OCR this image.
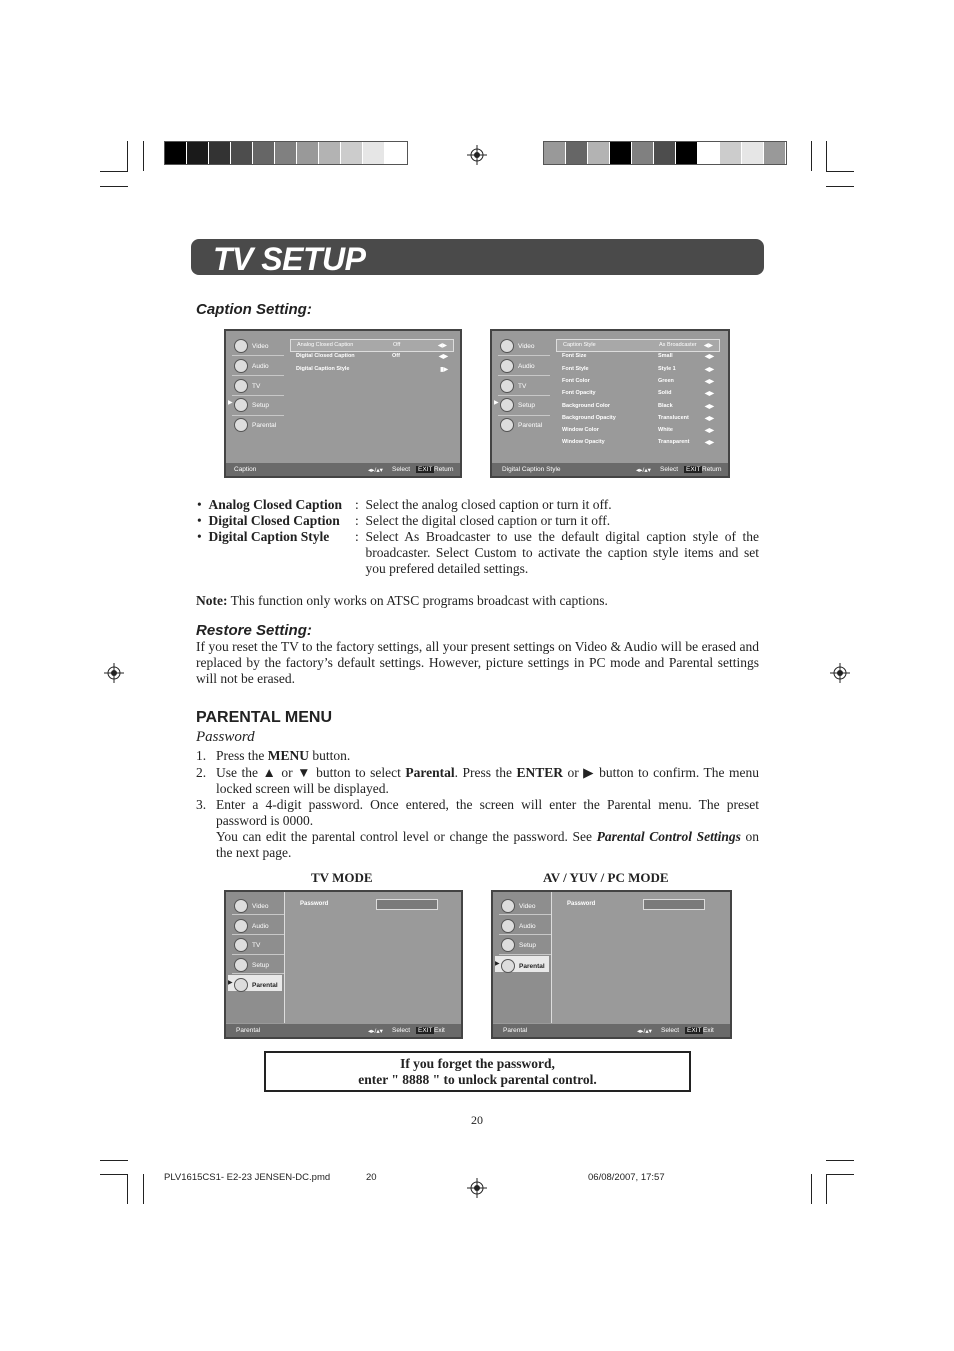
TV SETUP
Caption Setting:
Video
Audio
TV
▶	Setup
Parental
Analog Closed Caption	Off	◀▶
Digital Closed Caption	Off	◀▶
Digital Caption Style	▮▶
Caption	◂▸/▴▾ Select	EXIT Return
Video
Audio
TV
▶	Setup
Parental
Caption Style	As Broadcaster ◀▶
Font Size	Small	◀▶
Font Style	Style 1	◀▶
Font Color	Green	◀▶
Font Opacity	Solid	◀▶
Background Color	Black	◀▶
Background Opacity	Translucent	◀▶
Window Color	White	◀▶
Window Opacity	Transparent	◀▶
Digital Caption Style	◂▸/▴▾ Select	EXIT Return
•  Analog Closed Caption :  Select the analog closed caption or turn it off.
•  Digital Closed Caption :  Select the digital closed caption or turn it off.
•  Digital Caption Style : Select As Broadcaster to use the default digital caption style of the broadcaster. Select Custom to activate the caption style items and set you prefered detailed settings.
Note: This function only works on ATSC programs broadcast with captions.
Restore Setting:

If you reset the TV to the factory settings, all your present settings on Video & Audio will be erased and replaced by the factory’s default settings. However, picture settings in PC mode and Parental settings will not be erased.

PARENTAL MENU
Password
1. Press the MENU button.
2. Use the ▲ or ▼ button to select Parental. Press the ENTER or ▶ button to confirm. The menu locked screen will be displayed.
3. Enter a 4-digit password. Once entered, the screen will enter the Parental menu. The preset password is 0000.
You can edit the parental control level or change the password. See Parental Control Settings on the next page.
TV MODE	AV / YUV / PC MODE
Video
Audio
TV
Setup
▶	Parental
Password
Parental	◂▸/▴▾ Select	EXIT Exit
Video
Audio
Setup
▶	Parental
Password
Parental	◂▸/▴▾ Select	EXIT Exit
If you forget the password,
enter " 8888 " to unlock parental control.
20
PLV1615CS1- E2-23 JENSEN-DC.pmd	20	06/08/2007, 17:57
